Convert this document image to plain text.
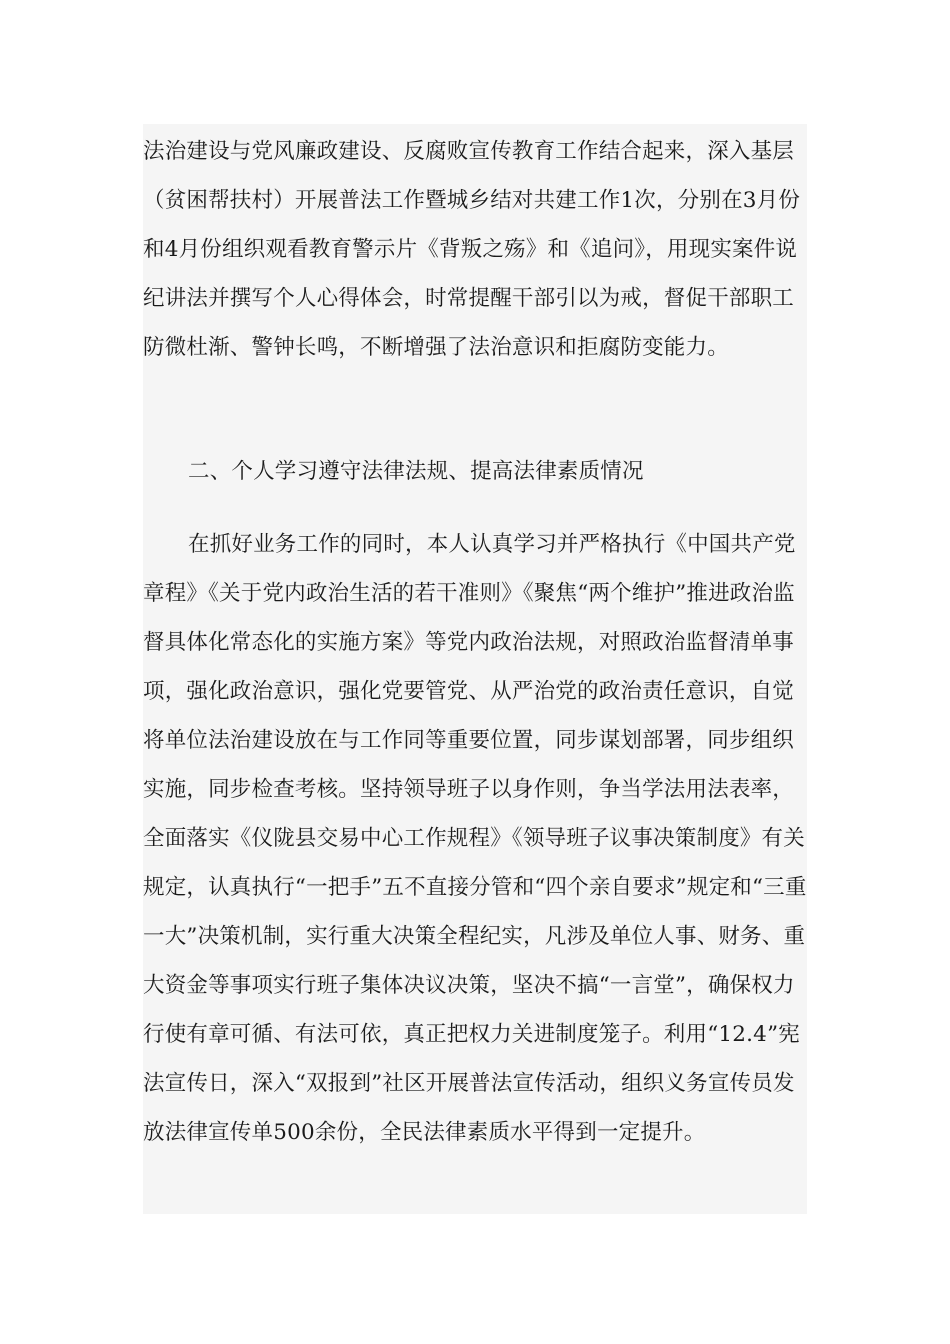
法治建设与党风廉政建设、反腐败宣传教育工作结合起来，深入基层（贫困帮扶村）开展普法工作暨城乡结对共建工作1次，分别在3月份和4月份组织观看教育警示片《背叛之殇》和《追问》，用现实案件说纪讲法并撰写个人心得体会，时常提醒干部引以为戒，督促干部职工防微杜渐、警钟长鸣，不断增强了法治意识和拒腐防变能力。

二、个人学习遵守法律法规、提高法律素质情况

在抓好业务工作的同时，本人认真学习并严格执行《中国共产党章程》《关于党内政治生活的若干准则》《聚焦“两个维护”推进政治监督具体化常态化的实施方案》等党内政治法规，对照政治监督清单事项，强化政治意识，强化党要管党、从严治党的政治责任意识，自觉将单位法治建设放在与工作同等重要位置，同步谋划部署，同步组织实施，同步检查考核。坚持领导班子以身作则，争当学法用法表率，全面落实《仪陇县交易中心工作规程》《领导班子议事决策制度》有关规定，认真执行“一把手”五不直接分管和“四个亲自要求”规定和“三重一大”决策机制，实行重大决策全程纪实，凡涉及单位人事、财务、重大资金等事项实行班子集体决议决策，坚决不搞“一言堂”，确保权力行使有章可循、有法可依，真正把权力关进制度笼子。利用“12.4”宪法宣传日，深入“双报到”社区开展普法宣传活动，组织义务宣传员发放法律宣传单500余份，全民法律素质水平得到一定提升。
